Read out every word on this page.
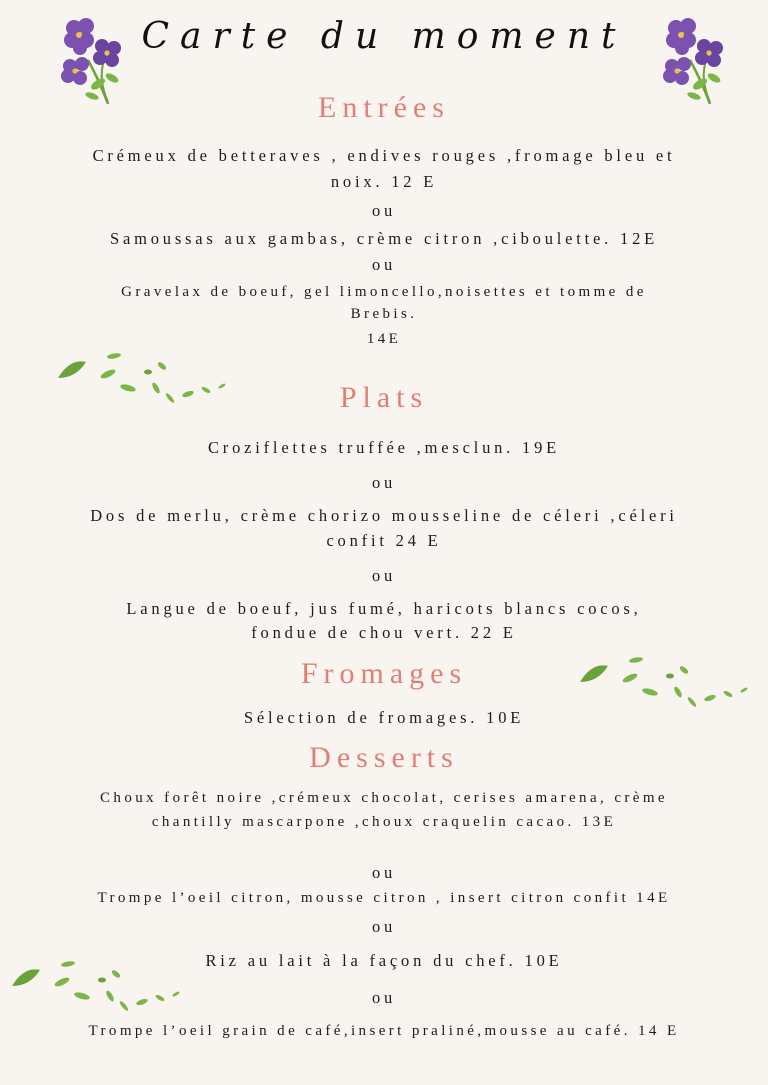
Carte du moment
Entrées
Crémeux de betteraves , endives rouges ,fromage bleu et
noix. 12 E
ou
Samoussas aux gambas, crème citron ,ciboulette. 12E
ou
Gravelax de boeuf, gel limoncello,noisettes et tomme de
Brebis.
14E
Plats
Croziflettes truffée ,mesclun. 19E
ou
Dos de merlu, crème chorizo mousseline de céleri ,céleri
confit 24 E
ou
Langue de boeuf, jus fumé, haricots blancs cocos,
fondue de chou vert. 22 E
Fromages
Sélection de fromages. 10E
Desserts
Choux forêt noire ,crémeux chocolat, cerises amarena, crème
chantilly mascarpone ,choux craquelin cacao. 13E
ou
Trompe l’oeil citron, mousse citron , insert citron confit 14E
ou
Riz au lait à la façon du chef. 10E
ou
Trompe l’oeil grain de café,insert praliné,mousse au café. 14 E
